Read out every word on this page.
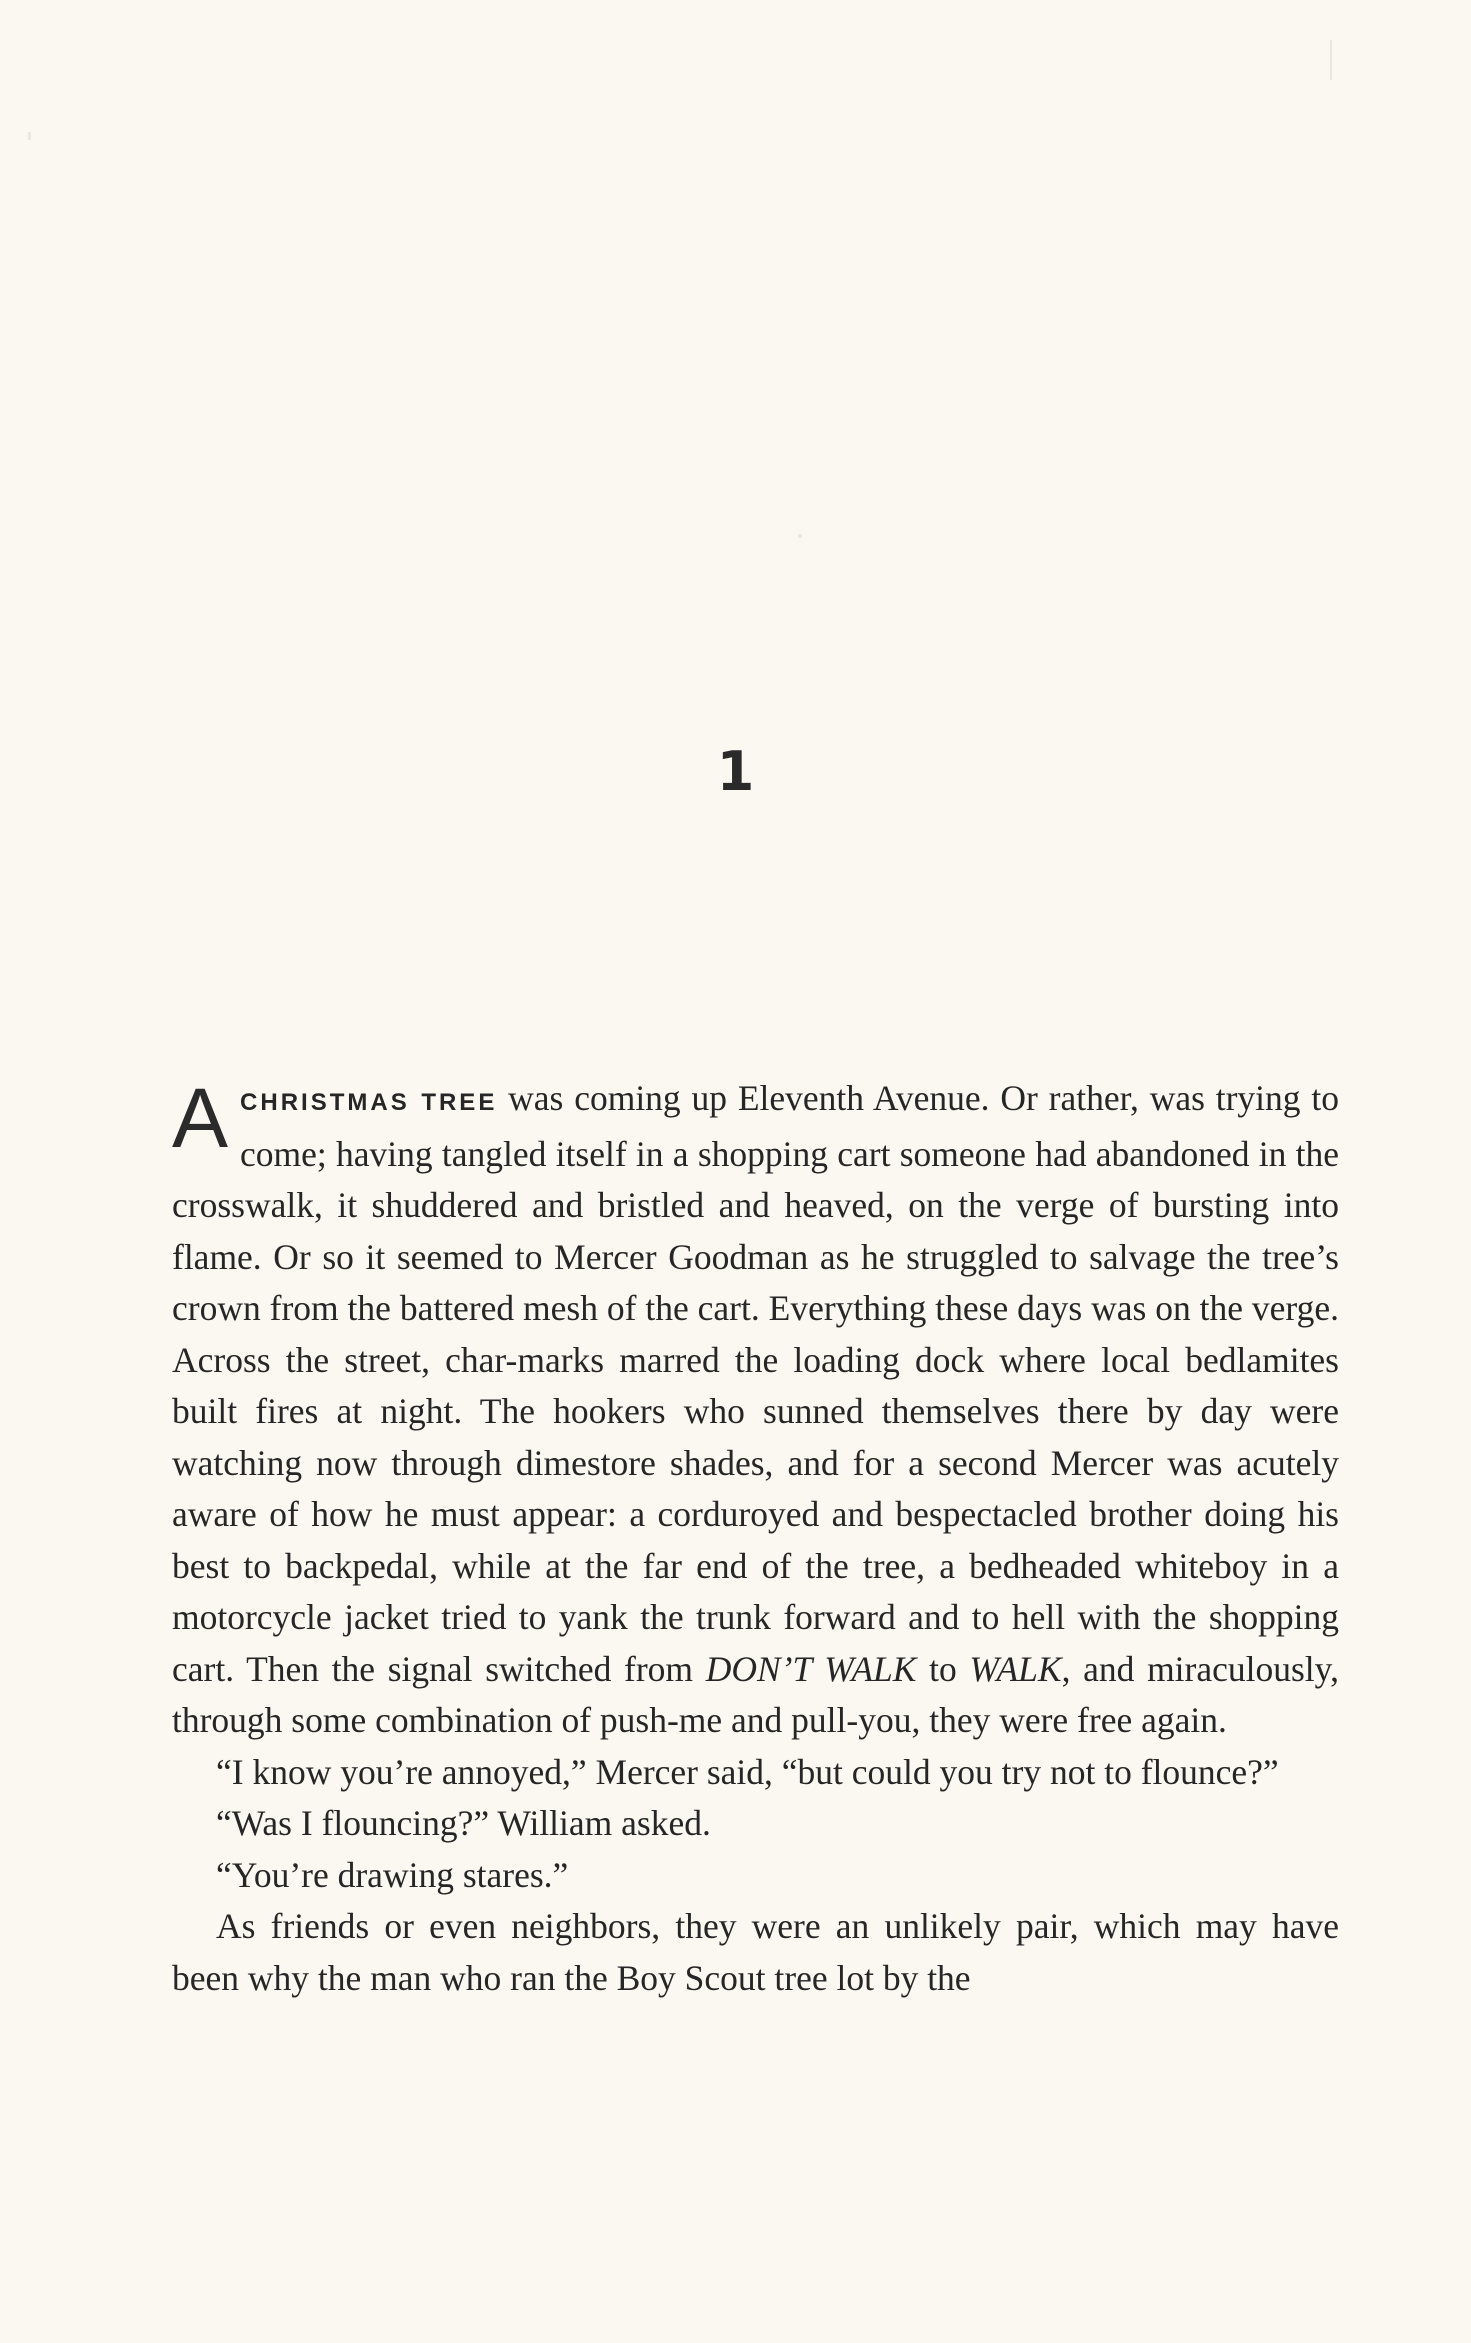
1

ACHRISTMAS TREE was coming up Eleventh Avenue. Or rather, was trying to come; having tangled itself in a shopping cart someone had abandoned in the crosswalk, it shuddered and bristled and heaved, on the verge of bursting into flame. Or so it seemed to Mercer Goodman as he struggled to salvage the tree’s crown from the battered mesh of the cart. Everything these days was on the verge. Across the street, char-marks marred the loading dock where local bedlamites built fires at night. The hookers who sunned themselves there by day were watching now through dimestore shades, and for a second Mercer was acutely aware of how he must appear: a corduroyed and bespectacled brother doing his best to backpedal, while at the far end of the tree, a bedheaded whiteboy in a motorcycle jacket tried to yank the trunk forward and to hell with the shopping cart. Then the signal switched from DON’T WALK to WALK, and miraculously, through some combination of push-me and pull-you, they were free again.

“I know you’re annoyed,” Mercer said, “but could you try not to flounce?”

“Was I flouncing?” William asked.

“You’re drawing stares.”

As friends or even neighbors, they were an unlikely pair, which may have been why the man who ran the Boy Scout tree lot by the
